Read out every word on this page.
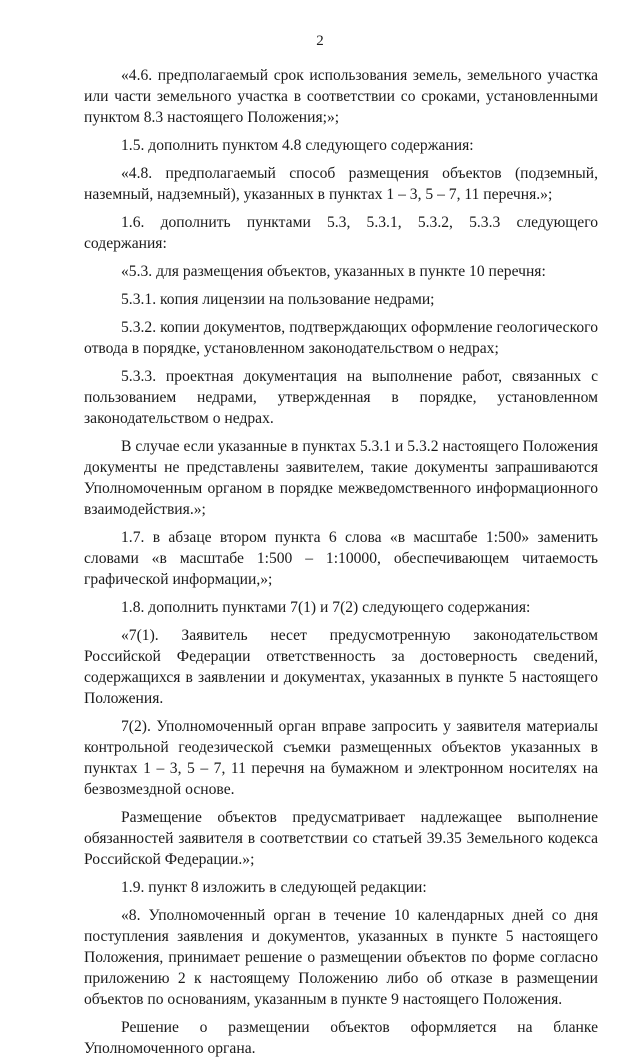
2

«4.6. предполагаемый срок использования земель, земельного участка или части земельного участка в соответствии со сроками, установленными пунктом 8.3 настоящего Положения;»;

1.5. дополнить пунктом 4.8 следующего содержания:

«4.8. предполагаемый способ размещения объектов (подземный, наземный, надземный), указанных в пунктах 1 – 3, 5 – 7, 11 перечня.»;

1.6. дополнить пунктами 5.3, 5.3.1, 5.3.2, 5.3.3 следующего содержания:

«5.3. для размещения объектов, указанных в пункте 10 перечня:

5.3.1. копия лицензии на пользование недрами;

5.3.2. копии документов, подтверждающих оформление геологического отвода в порядке, установленном законодательством о недрах;

5.3.3. проектная документация на выполнение работ, связанных с пользованием недрами, утвержденная в порядке, установленном законодательством о недрах.

В случае если указанные в пунктах 5.3.1 и 5.3.2 настоящего Положения документы не представлены заявителем, такие документы запрашиваются Уполномоченным органом в порядке межведомственного информационного взаимодействия.»;

1.7. в абзаце втором пункта 6 слова «в масштабе 1:500» заменить словами «в масштабе 1:500 – 1:10000, обеспечивающем читаемость графической информации,»;

1.8. дополнить пунктами 7(1) и 7(2) следующего содержания:

«7(1). Заявитель несет предусмотренную законодательством Российской Федерации ответственность за достоверность сведений, содержащихся в заявлении и документах, указанных в пункте 5 настоящего Положения.

7(2). Уполномоченный орган вправе запросить у заявителя материалы контрольной геодезической съемки размещенных объектов указанных в пунктах 1 – 3, 5 – 7, 11 перечня на бумажном и электронном носителях на безвозмездной основе.

Размещение объектов предусматривает надлежащее выполнение обязанностей заявителя в соответствии со статьей 39.35 Земельного кодекса Российской Федерации.»;

1.9. пункт 8 изложить в следующей редакции:

«8. Уполномоченный орган в течение 10 календарных дней со дня поступления заявления и документов, указанных в пункте 5 настоящего Положения, принимает решение о размещении объектов по форме согласно приложению 2 к настоящему Положению либо об отказе в размещении объектов по основаниям, указанным в пункте 9 настоящего Положения.

Решение о размещении объектов оформляется на бланке Уполномоченного органа.
